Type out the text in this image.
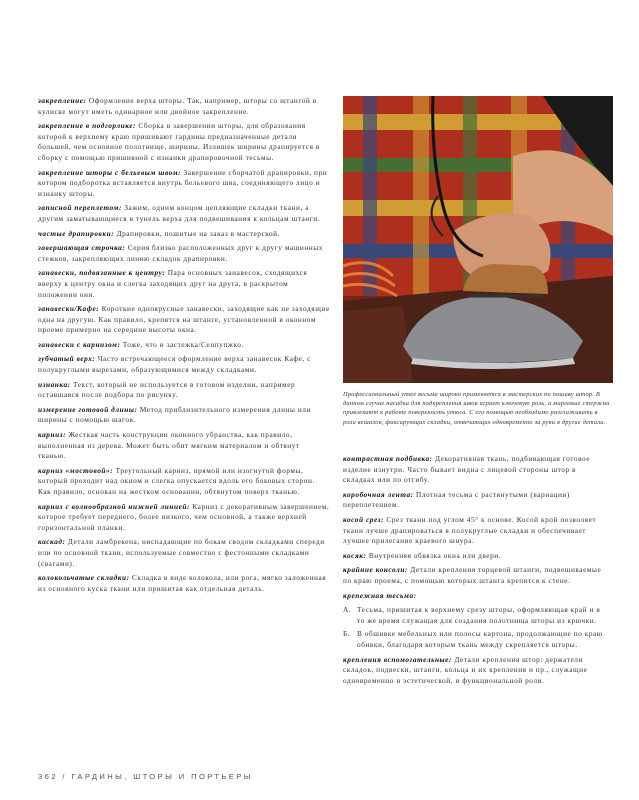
закрепление: Оформление верха шторы. Так, например, шторы со штангой в кулиске могут иметь одинарное или двойное закрепление.
закрепление в подгорлике: Сборка в завершении шторы, для образования которой к верхнему краю пришивают гардины предназначенные детали большей, чем основное полотнище, ширины. Излишек ширины драпируется в сборку с помощью пришивной с изнанки драпировочной тесьмы.
закрепление шторы с бельевым швом: Завершение сборчатой драпировки, при котором подборотка вставляется внутрь бельевого шва, соединяющего лицо и изнанку шторы.
записной переплетом: Зажим, одним концом цепляющие складки ткани, а другим заматывающиеся в тунель верха для подвешивания к кольцам штанги.
частые драпировки: Драпировки, пошитые на заказ в мастерской.
завершающая строчка: Серия близко расположенных друг к другу машинных стежков, закрепляющих линию складок драпировки.
занавески, подвязанные к центру: Пара основных занавесок, сходящихся вверху к центру окна и слегка заходящих друг на друга, в раскрытом положении они.
занавески/Кафе: Короткие одноярусные занавески, заходящие как не заходящие одна на другую. Как правило, крепятся на штанге, установленной в оконном проеме примерно на середине высоты окна.
занавески с карнизом: Тоже, что и застежка/Сенпупжко.
зубчатый верх: Часто встречающееся оформление верха занавесок Кафе, с полукруглыми вырезами, образующимися между складками.
изнанка: Текст, который не используется в готовом изделии, например оставшаяся после подбора по рисунку.
измерение готовой длины: Метод приблизительного измерения длины или ширины с помощью шагов.
карниз: Жесткая часть конструкции оконного убранства, как правило, выполненная из дерева. Может быть обит мягким материалом и обтянут тканью.
карниз «мостовой»: Треугольный карниз, прямой или изогнутой формы, который проходит над окном и слегка опускается вдоль его боковых сторон. Как правило, основан на жестком основании, обтянутом поверх тканью.
карниз с волнообразной нижней линией: Карниз с декоративным завершением, которое требует переднего, более низкого, чем основной, а также верхней горизонтальной планки.
каскад: Детали ламбрекена, ниспадающие по бокам сводом складками спереди или по основной ткани, используемые совместно с фестонными складками (свагами).
колокольчатые складки: Складка в виде колокола, или рога, мягко заложенная из основного куска ткани или пришитая как отдельная деталь.
Профессиональный утюг весьма широко применяется в мастерских по пошиву штор. В данном случае насадка для подкрепления швов играет ключевую роль, а марлевые стержни привлекают к работе поверхность утюга. С его помощью необходимо разглаживать в роли вешалок, фиксирующих складки, отвечающих одновременно за руки в другие детали.
контрастная подбивка: Декоративная ткань, подбивающая готовое изделие изнутри. Часто бывает видна с лицевой стороны штор в складках или по отгибу.
коробочная лента: Плотная тесьма с растянутыми (вариации) переплетением.
косой срез: Срез ткани под углом 45° к основе. Косой крой позволяет ткани лучше драпироваться в полукруглые складки и обеспечивает лучшее прилегание краевого шнура.
косяк: Внутренняя обвязка окна или двери.
крайние консоли: Детали крепления торцевой штанги, подвешиваемые по краю проема, с помощью которых штанга крепится к стене.
крепежная тесьма:
А. Тесьма, пришитая к верхнему срезу шторы, оформляющая край и в то же время служащая для создания полотнища шторы из крючки.
Б. В обшивке мебельных или полосы картона, продолжающие по краю обивки, благодаря которым ткань между скрепляется шторы.
крепления вспомогательные: Детали крепления штор: держатели складок, подвески, штанги, кольца и их крепления и пр., служащие одновременно и эстетической, и функциональной роли.
362 / ГАРДИНЫ, ШТОРЫ И ПОРТЬЕРЫ
